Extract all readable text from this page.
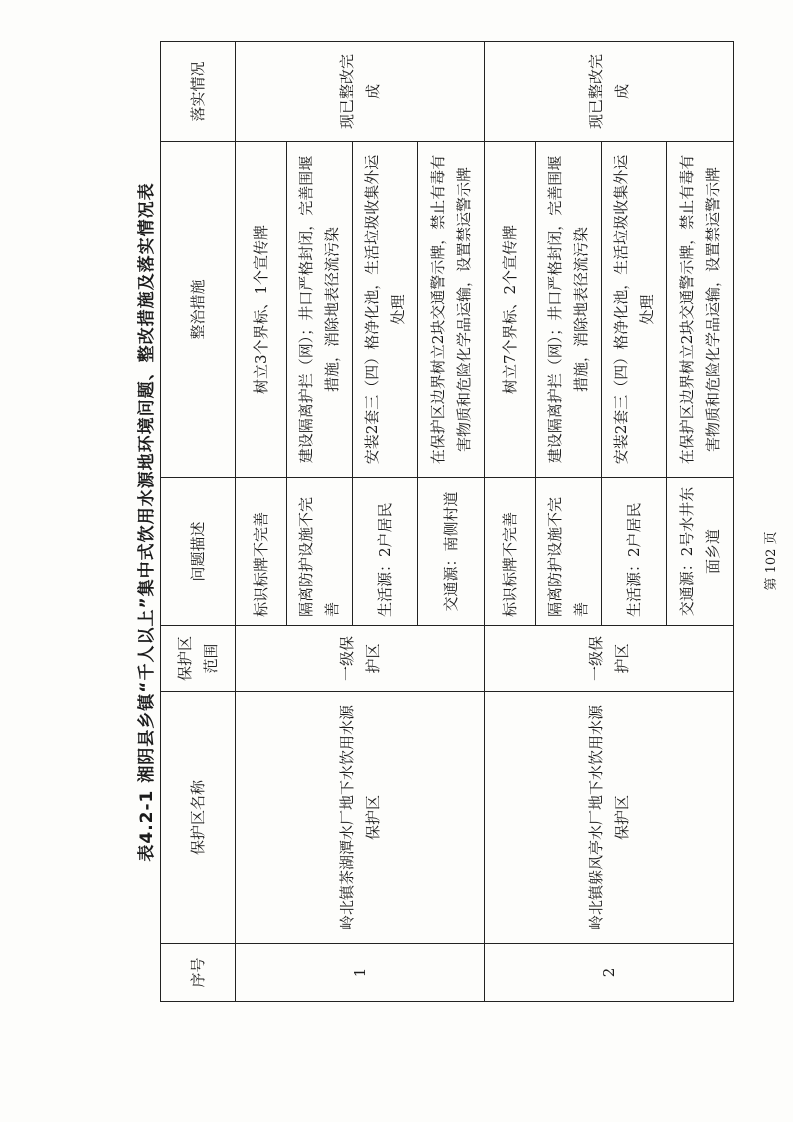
表4.2-1 湘阴县乡镇“千人以上”集中式饮用水源地环境问题、整改措施及落实情况表
序号	保护区名称	保护区范围	问题描述	整治措施	落实情况
1	岭北镇茶湖潭水厂地下水饮用水源保护区	一级保护区	标识标牌不完善	树立3个界标、1个宣传牌	现已整改完成
			隔离防护设施不完善	建设隔离护拦（网）；井口严格封闭，完善围堰措施，消除地表径流污染	
			生活源：2户居民	安装2套三（四）格净化池，生活垃圾收集外运处理	
			交通源：南侧村道	在保护区边界树立2块交通警示牌，禁止有毒有害物质和危险化学品运输，设置禁运警示牌	
2	岭北镇躲风亭水厂地下水饮用水源保护区	一级保护区	标识标牌不完善	树立7个界标、2个宣传牌	现已整改完成
			隔离防护设施不完善	建设隔离护拦（网）；井口严格封闭，完善围堰措施，消除地表径流污染	
			生活源：2户居民	安装2套三（四）格净化池，生活垃圾收集外运处理	
			交通源：2号水井东面乡道	在保护区边界树立2块交通警示牌，禁止有毒有害物质和危险化学品运输，设置禁运警示牌	
第 102 页
